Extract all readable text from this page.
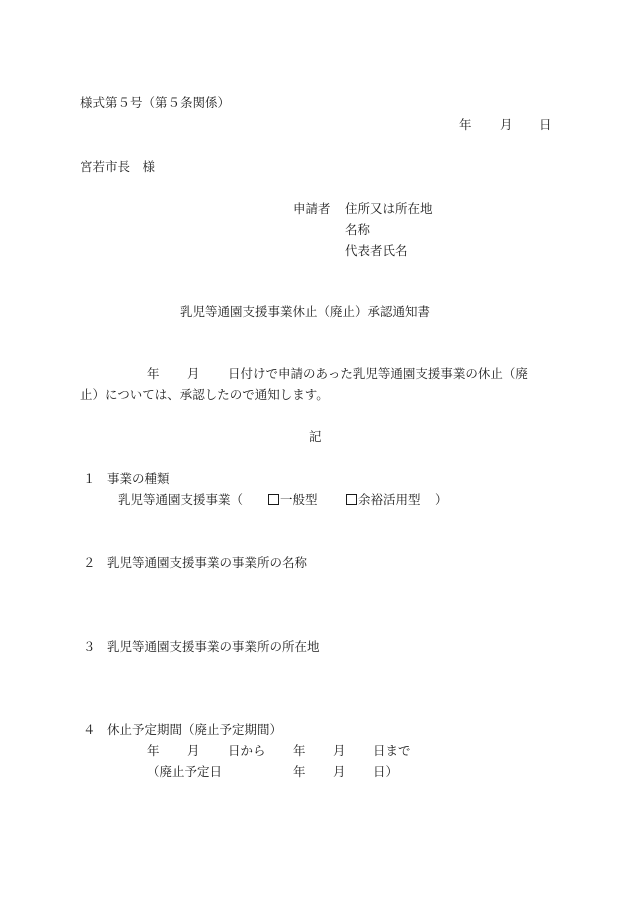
様式第５号（第５条関係）
年 月 日
宮若市長　様
申請者 住所又は所在地
名称
代表者氏名
乳児等通園支援事業休止（廃止）承認通知書
年 月 日付けで申請のあった乳児等通園支援事業の休止（廃
止）については、承認したので通知します。
記
１ 事業の種類
乳児等通園支援事業（	一般型	余裕活用型 ）
２ 乳児等通園支援事業の事業所の名称
３ 乳児等通園支援事業の事業所の所在地
４ 休止予定期間（廃止予定期間）
年 月 日から 年 月 日まで
（廃止予定日	年 月 日）
